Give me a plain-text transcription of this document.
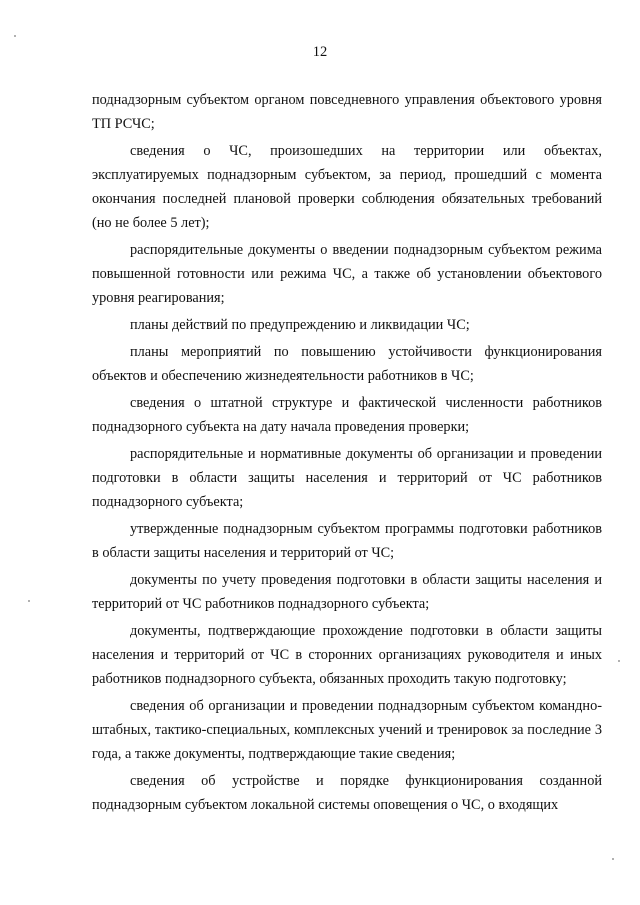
12

поднадзорным субъектом органом повседневного управления объектового уровня ТП РСЧС;

сведения о ЧС, произошедших на территории или объектах, эксплуатируемых поднадзорным субъектом, за период, прошедший с момента окончания последней плановой проверки соблюдения обязательных требований (но не более 5 лет);

распорядительные документы о введении поднадзорным субъектом режима повышенной готовности или режима ЧС, а также об установлении объектового уровня реагирования;

планы действий по предупреждению и ликвидации ЧС;

планы мероприятий по повышению устойчивости функционирования объектов и обеспечению жизнедеятельности работников в ЧС;

сведения о штатной структуре и фактической численности работников поднадзорного субъекта на дату начала проведения проверки;

распорядительные и нормативные документы об организации и проведении подготовки в области защиты населения и территорий от ЧС работников поднадзорного субъекта;

утвержденные поднадзорным субъектом программы подготовки работников в области защиты населения и территорий от ЧС;

документы по учету проведения подготовки в области защиты населения и территорий от ЧС работников поднадзорного субъекта;

документы, подтверждающие прохождение подготовки в области защиты населения и территорий от ЧС в сторонних организациях руководителя и иных работников поднадзорного субъекта, обязанных проходить такую подготовку;

сведения об организации и проведении поднадзорным субъектом командно-штабных, тактико-специальных, комплексных учений и тренировок за последние 3 года, а также документы, подтверждающие такие сведения;

сведения об устройстве и порядке функционирования созданной поднадзорным субъектом локальной системы оповещения о ЧС, о входящих
